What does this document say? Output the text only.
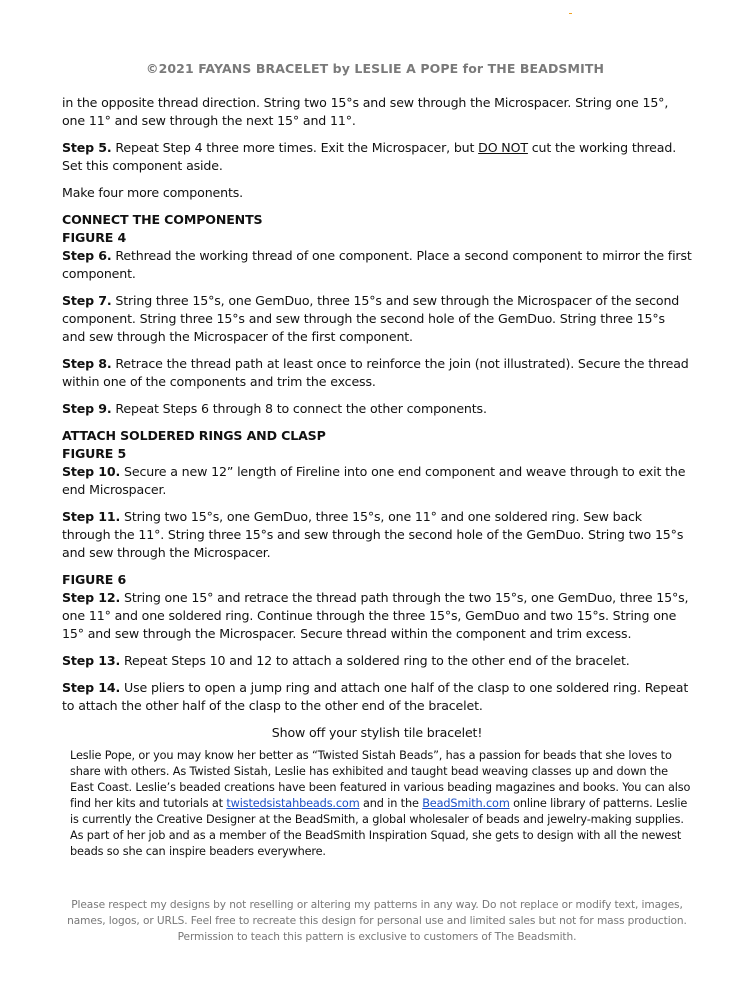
©2021 FAYANS BRACELET by LESLIE A POPE for THE BEADSMITH

in the opposite thread direction. String two 15°s and sew through the Microspacer. String one 15°, one 11° and sew through the next 15° and 11°.

Step 5. Repeat Step 4 three more times. Exit the Microspacer, but DO NOT cut the working thread. Set this component aside.

Make four more components.

CONNECT THE COMPONENTS
FIGURE 4

Step 6. Rethread the working thread of one component. Place a second component to mirror the first component.

Step 7. String three 15°s, one GemDuo, three 15°s and sew through the Microspacer of the second component. String three 15°s and sew through the second hole of the GemDuo. String three 15°s and sew through the Microspacer of the first component.

Step 8. Retrace the thread path at least once to reinforce the join (not illustrated). Secure the thread within one of the components and trim the excess.

Step 9. Repeat Steps 6 through 8 to connect the other components.

ATTACH SOLDERED RINGS AND CLASP
FIGURE 5

Step 10. Secure a new 12” length of Fireline into one end component and weave through to exit the end Microspacer.

Step 11. String two 15°s, one GemDuo, three 15°s, one 11° and one soldered ring. Sew back through the 11°. String three 15°s and sew through the second hole of the GemDuo. String two 15°s and sew through the Microspacer.

FIGURE 6

Step 12. String one 15° and retrace the thread path through the two 15°s, one GemDuo, three 15°s, one 11° and one soldered ring. Continue through the three 15°s, GemDuo and two 15°s. String one 15° and sew through the Microspacer. Secure thread within the component and trim excess.

Step 13. Repeat Steps 10 and 12 to attach a soldered ring to the other end of the bracelet.

Step 14. Use pliers to open a jump ring and attach one half of the clasp to one soldered ring. Repeat to attach the other half of the clasp to the other end of the bracelet.

Show off your stylish tile bracelet!
Leslie Pope, or you may know her better as “Twisted Sistah Beads”, has a passion for beads that she loves to share with others. As Twisted Sistah, Leslie has exhibited and taught bead weaving classes up and down the East Coast. Leslie’s beaded creations have been featured in various beading magazines and books. You can also find her kits and tutorials at twistedsistahbeads.com and in the BeadSmith.com online library of patterns. Leslie is currently the Creative Designer at the BeadSmith, a global wholesaler of beads and jewelry-making supplies. As part of her job and as a member of the BeadSmith Inspiration Squad, she gets to design with all the newest beads so she can inspire beaders everywhere.
Please respect my designs by not reselling or altering my patterns in any way. Do not replace or modify text, images, names, logos, or URLS. Feel free to recreate this design for personal use and limited sales but not for mass production. Permission to teach this pattern is exclusive to customers of The Beadsmith.
